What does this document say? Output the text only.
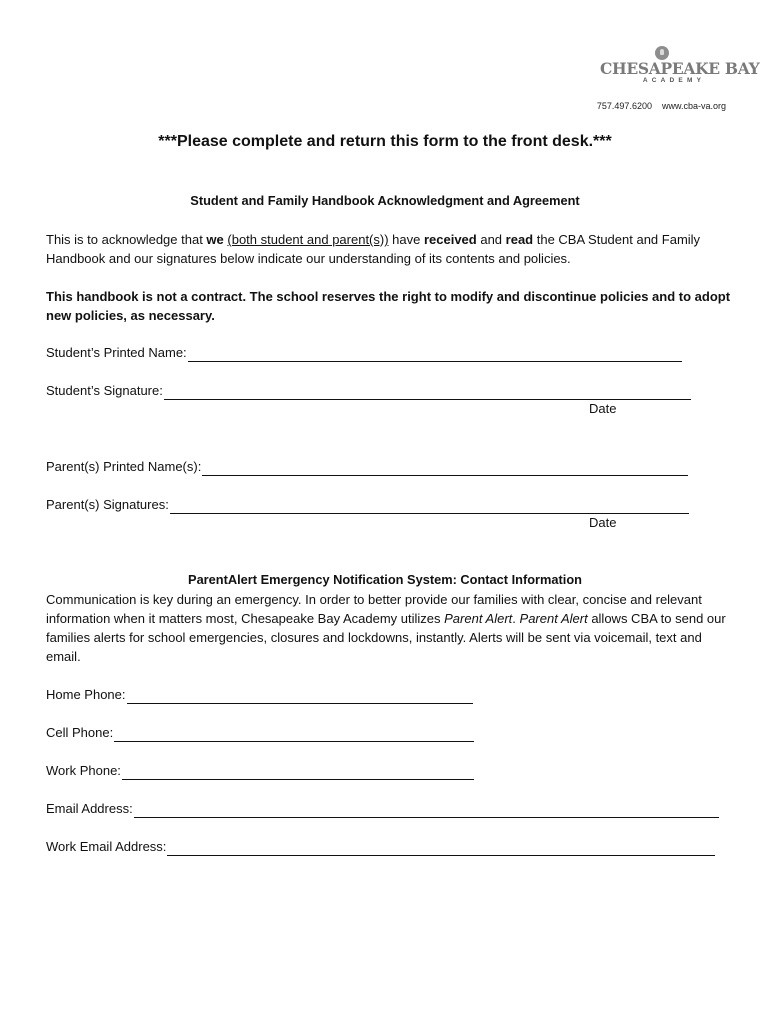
CHESAPEAKE BAY
ACADEMY
757.497.6200 www.cba-va.org
***Please complete and return this form to the front desk.***
Student and Family Handbook Acknowledgment and Agreement
This is to acknowledge that we (both student and parent(s)) have received and read the CBA Student and Family Handbook and our signatures below indicate our understanding of its contents and policies.
This handbook is not a contract. The school reserves the right to modify and discontinue policies and to adopt new policies, as necessary.
Student’s Printed Name:
Student’s Signature:
Date
Parent(s) Printed Name(s):
Parent(s) Signatures:
Date
ParentAlert Emergency Notification System: Contact Information
Communication is key during an emergency. In order to better provide our families with clear, concise and relevant information when it matters most, Chesapeake Bay Academy utilizes Parent Alert. Parent Alert allows CBA to send our families alerts for school emergencies, closures and lockdowns, instantly. Alerts will be sent via voicemail, text and email.
Home Phone:
Cell Phone:
Work Phone:
Email Address:
Work Email Address:
